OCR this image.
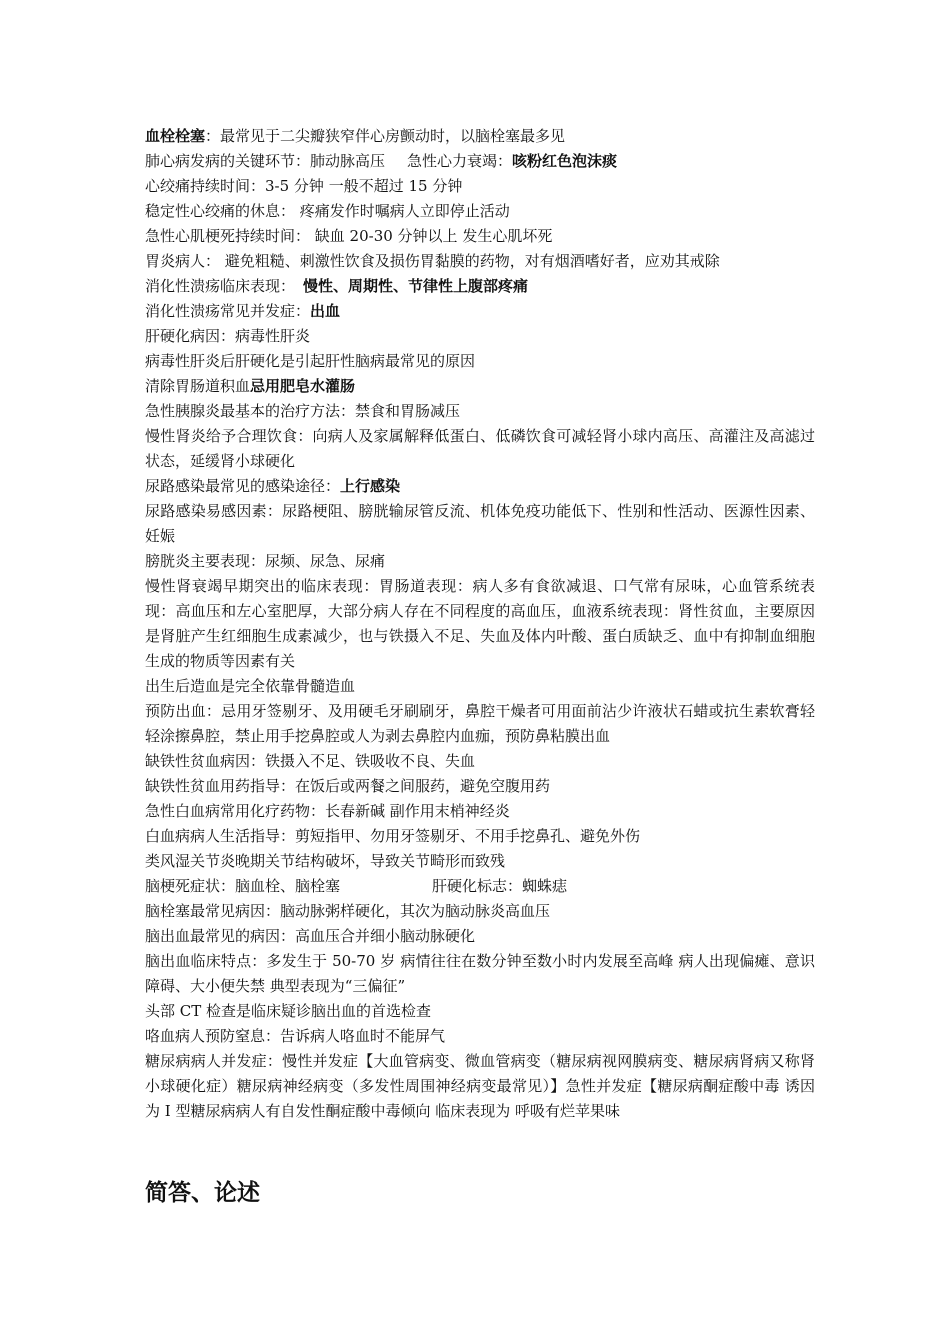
血栓栓塞：最常见于二尖瓣狭窄伴心房颤动时，以脑栓塞最多见
肺心病发病的关键环节：肺动脉高压 急性心力衰竭：咳粉红色泡沫痰
心绞痛持续时间：3-5 分钟 一般不超过 15 分钟
稳定性心绞痛的休息： 疼痛发作时嘱病人立即停止活动
急性心肌梗死持续时间： 缺血 20-30 分钟以上 发生心肌坏死
胃炎病人： 避免粗糙、刺激性饮食及损伤胃黏膜的药物，对有烟酒嗜好者，应劝其戒除
消化性溃疡临床表现： 慢性、周期性、节律性上腹部疼痛
消化性溃疡常见并发症：出血
肝硬化病因：病毒性肝炎
病毒性肝炎后肝硬化是引起肝性脑病最常见的原因
清除胃肠道积血忌用肥皂水灌肠
急性胰腺炎最基本的治疗方法：禁食和胃肠减压
慢性肾炎给予合理饮食：向病人及家属解释低蛋白、低磷饮食可减轻肾小球内高压、高灌注及高滤过状态，延缓肾小球硬化
尿路感染最常见的感染途径：上行感染
尿路感染易感因素：尿路梗阻、膀胱输尿管反流、机体免疫功能低下、性别和性活动、医源性因素、妊娠
膀胱炎主要表现：尿频、尿急、尿痛
慢性肾衰竭早期突出的临床表现：胃肠道表现：病人多有食欲减退、口气常有尿味，心血管系统表现：高血压和左心室肥厚，大部分病人存在不同程度的高血压，血液系统表现：肾性贫血，主要原因是肾脏产生红细胞生成素减少，也与铁摄入不足、失血及体内叶酸、蛋白质缺乏、血中有抑制血细胞生成的物质等因素有关
出生后造血是完全依靠骨髓造血
预防出血：忌用牙签剔牙、及用硬毛牙刷刷牙，鼻腔干燥者可用面前沾少许液状石蜡或抗生素软膏轻轻涂擦鼻腔，禁止用手挖鼻腔或人为剥去鼻腔内血痂，预防鼻粘膜出血
缺铁性贫血病因：铁摄入不足、铁吸收不良、失血
缺铁性贫血用药指导：在饭后或两餐之间服药，避免空腹用药
急性白血病常用化疗药物：长春新碱 副作用末梢神经炎
白血病病人生活指导：剪短指甲、勿用牙签剔牙、不用手挖鼻孔、避免外伤
类风湿关节炎晚期关节结构破坏，导致关节畸形而致残
脑梗死症状：脑血栓、脑栓塞	肝硬化标志：蜘蛛痣
脑栓塞最常见病因：脑动脉粥样硬化，其次为脑动脉炎高血压
脑出血最常见的病因：高血压合并细小脑动脉硬化
脑出血临床特点：多发生于 50-70 岁 病情往往在数分钟至数小时内发展至高峰 病人出现偏瘫、意识障碍、大小便失禁 典型表现为“三偏征”
头部 CT 检查是临床疑诊脑出血的首选检查
咯血病人预防窒息：告诉病人咯血时不能屏气
糖尿病病人并发症：慢性并发症【大血管病变、微血管病变（糖尿病视网膜病变、糖尿病肾病又称肾小球硬化症）糖尿病神经病变（多发性周围神经病变最常见）】急性并发症【糖尿病酮症酸中毒 诱因 为 I 型糖尿病病人有自发性酮症酸中毒倾向 临床表现为 呼吸有烂苹果味
简答、论述
